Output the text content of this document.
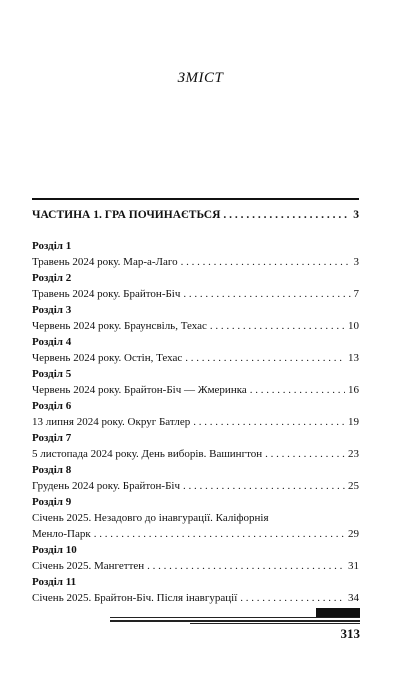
ЗМІСТ
ЧАСТИНА 1. ГРА ПОЧИНАЄТЬСЯ . . .	3
Розділ 1
Травень 2024 року. Мар-а-Лаго . . .	3
Розділ 2
Травень 2024 року. Брайтон-Біч . . .	7
Розділ 3
Червень 2024 року. Браунсвіль, Техас . . .	10
Розділ 4
Червень 2024 року. Остін, Техас . . .	13
Розділ 5
Червень 2024 року. Брайтон-Біч — Жмеринка . . .	16
Розділ 6
13 липня 2024 року. Округ Батлер . . .	19
Розділ 7
5 листопада 2024 року. День виборів. Вашингтон . . .	23
Розділ 8
Грудень 2024 року. Брайтон-Біч . . .	25
Розділ 9
Січень 2025. Незадовго до інавгурації. Каліфорнія
Менло-Парк . . .	29
Розділ 10
Січень 2025. Мангеттен . . .	31
Розділ 11
Січень 2025. Брайтон-Біч. Після інавгурації . . .	34
313
